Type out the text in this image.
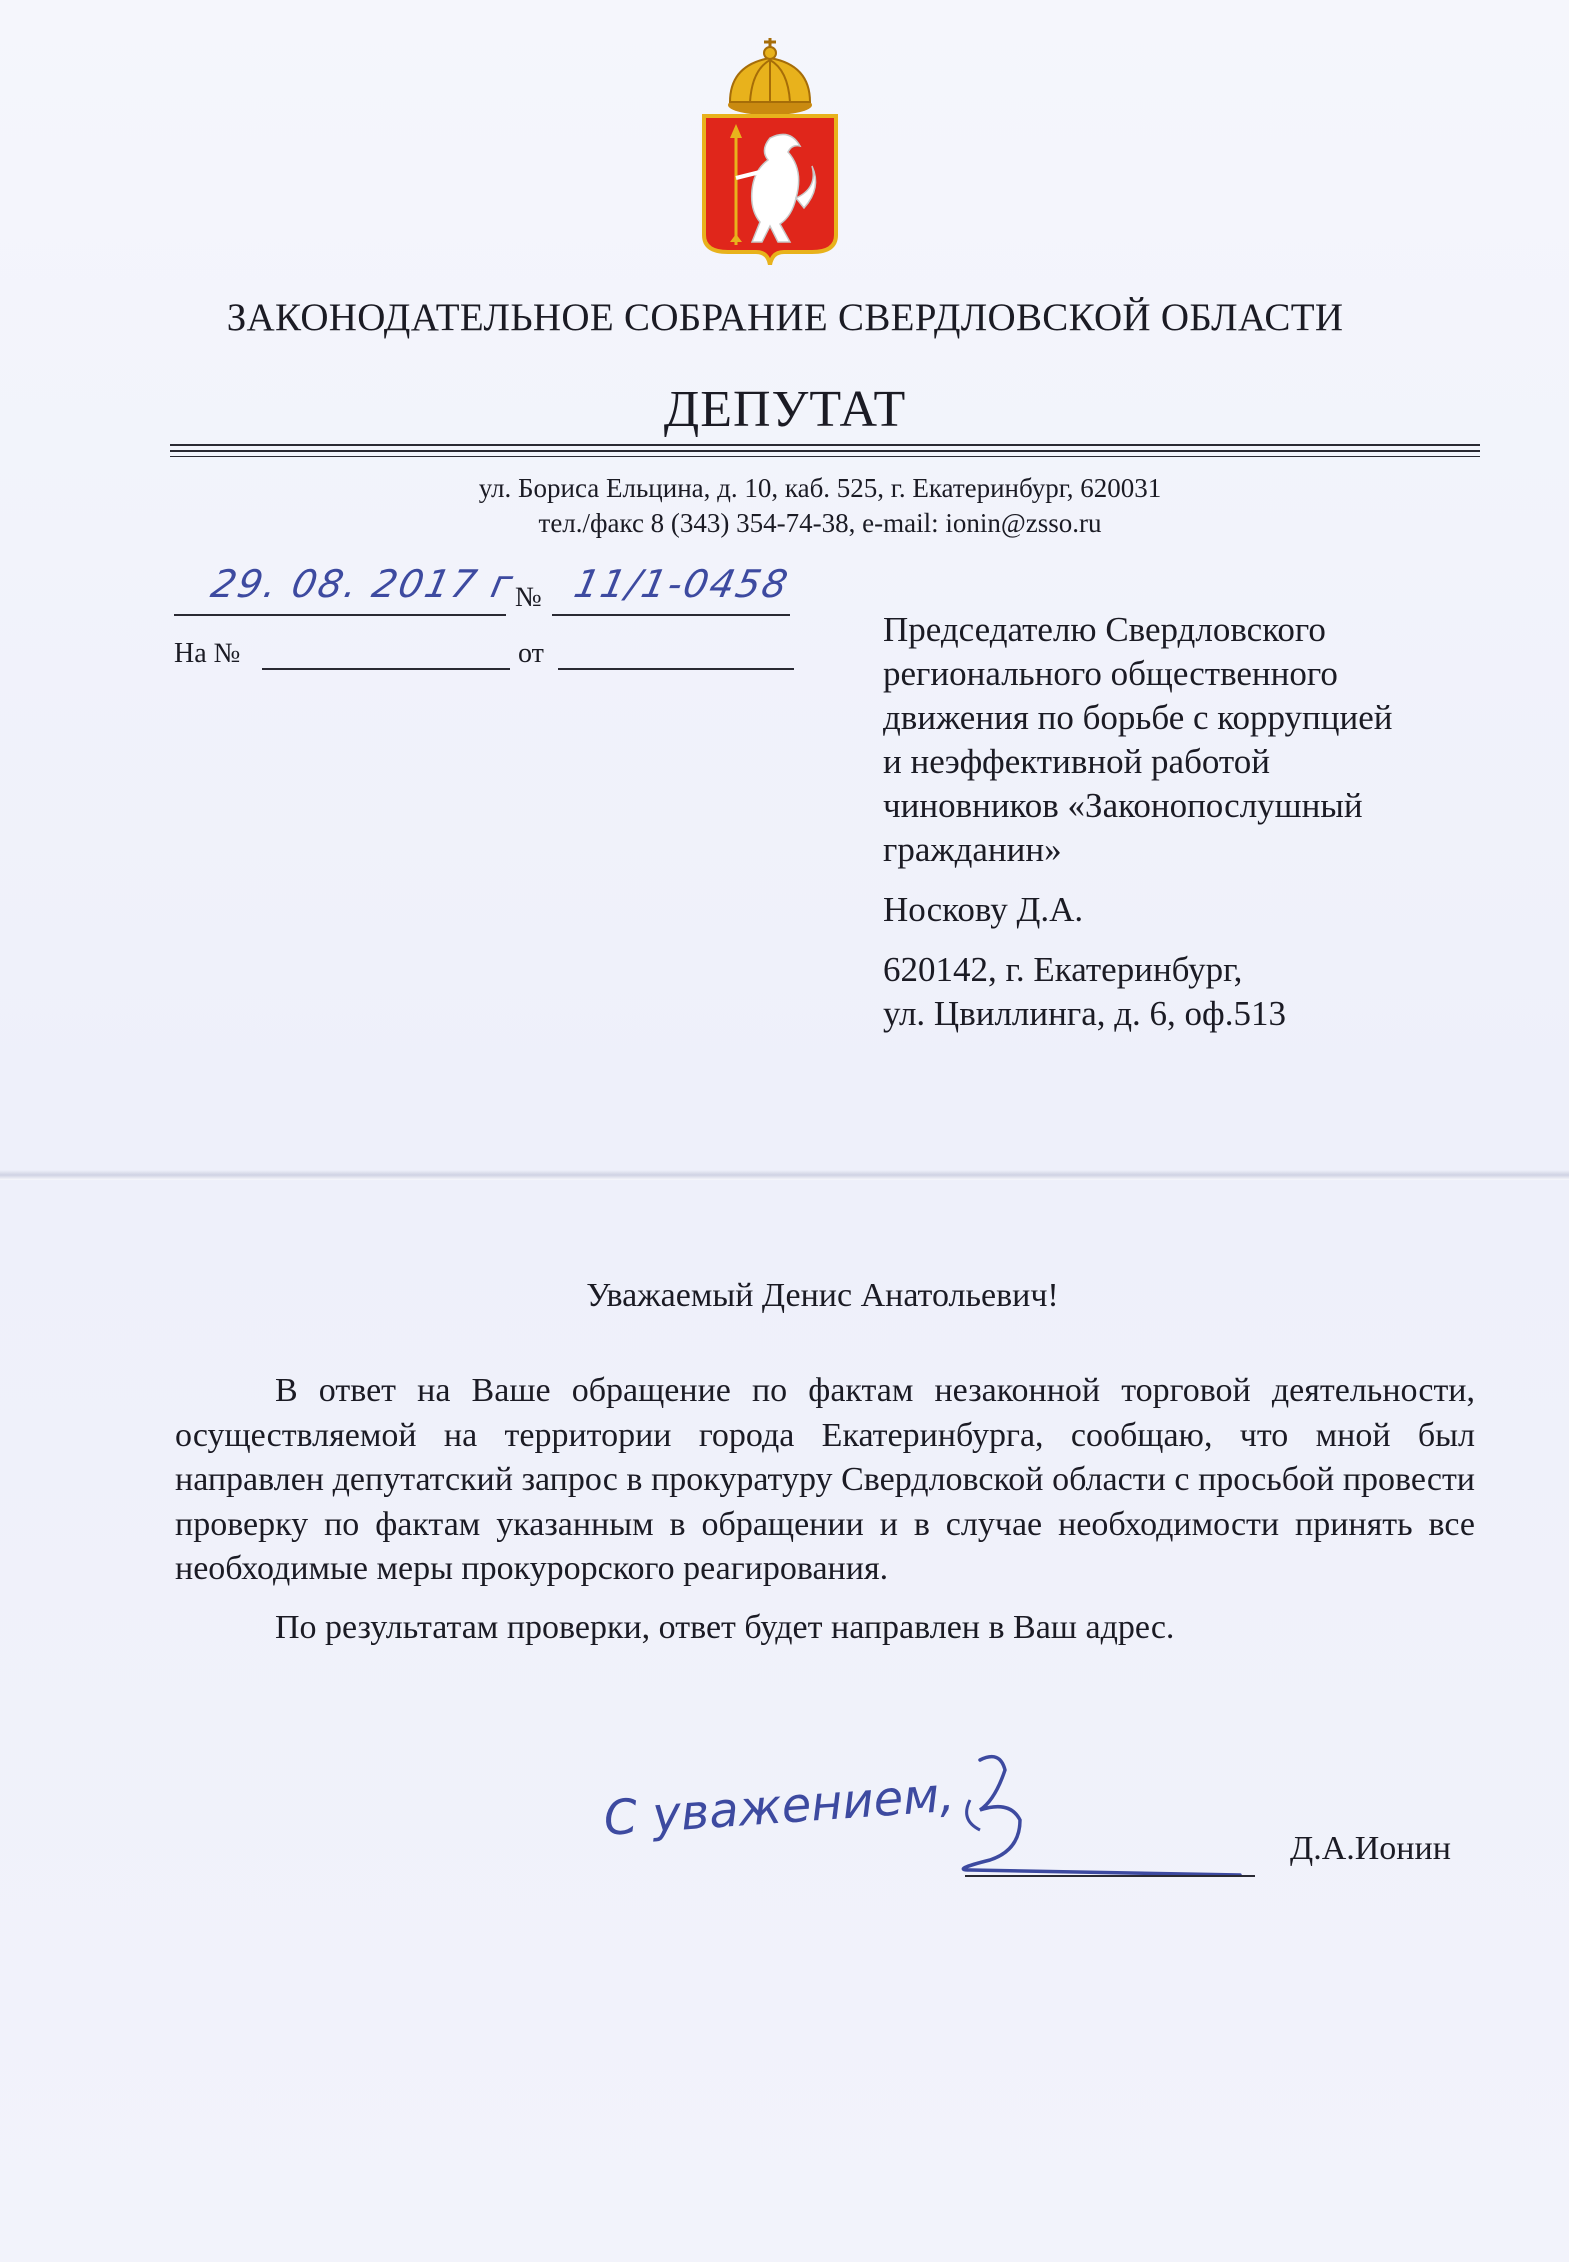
ЗАКОНОДАТЕЛЬНОЕ СОБРАНИЕ СВЕРДЛОВСКОЙ ОБЛАСТИ
ДЕПУТАТ
ул. Бориса Ельцина, д. 10, каб. 525, г. Екатеринбург, 620031
тел./факс 8 (343) 354-74-38, e-mail: ionin@zsso.ru
29. 08. 2017 г
№ 11/1-0458
На №	от
Председателю Свердловского
регионального общественного
движения по борьбе с коррупцией
и неэффективной работой
чиновников «Законопослушный
гражданин»
Носкову Д.А.
620142, г. Екатеринбург,
ул. Цвиллинга, д. 6, оф.513
Уважаемый Денис Анатольевич!

В ответ на Ваше обращение по фактам незаконной торговой деятельности, осуществляемой на территории города Екатеринбурга, сообщаю, что мной был направлен депутатский запрос в прокуратуру Свердловской области с просьбой провести проверку по фактам указанным в обращении и в случае необходимости принять все необходимые меры прокурорского реагирования.

По результатам проверки, ответ будет направлен в Ваш адрес.

С уважением,
Д.А.Ионин
